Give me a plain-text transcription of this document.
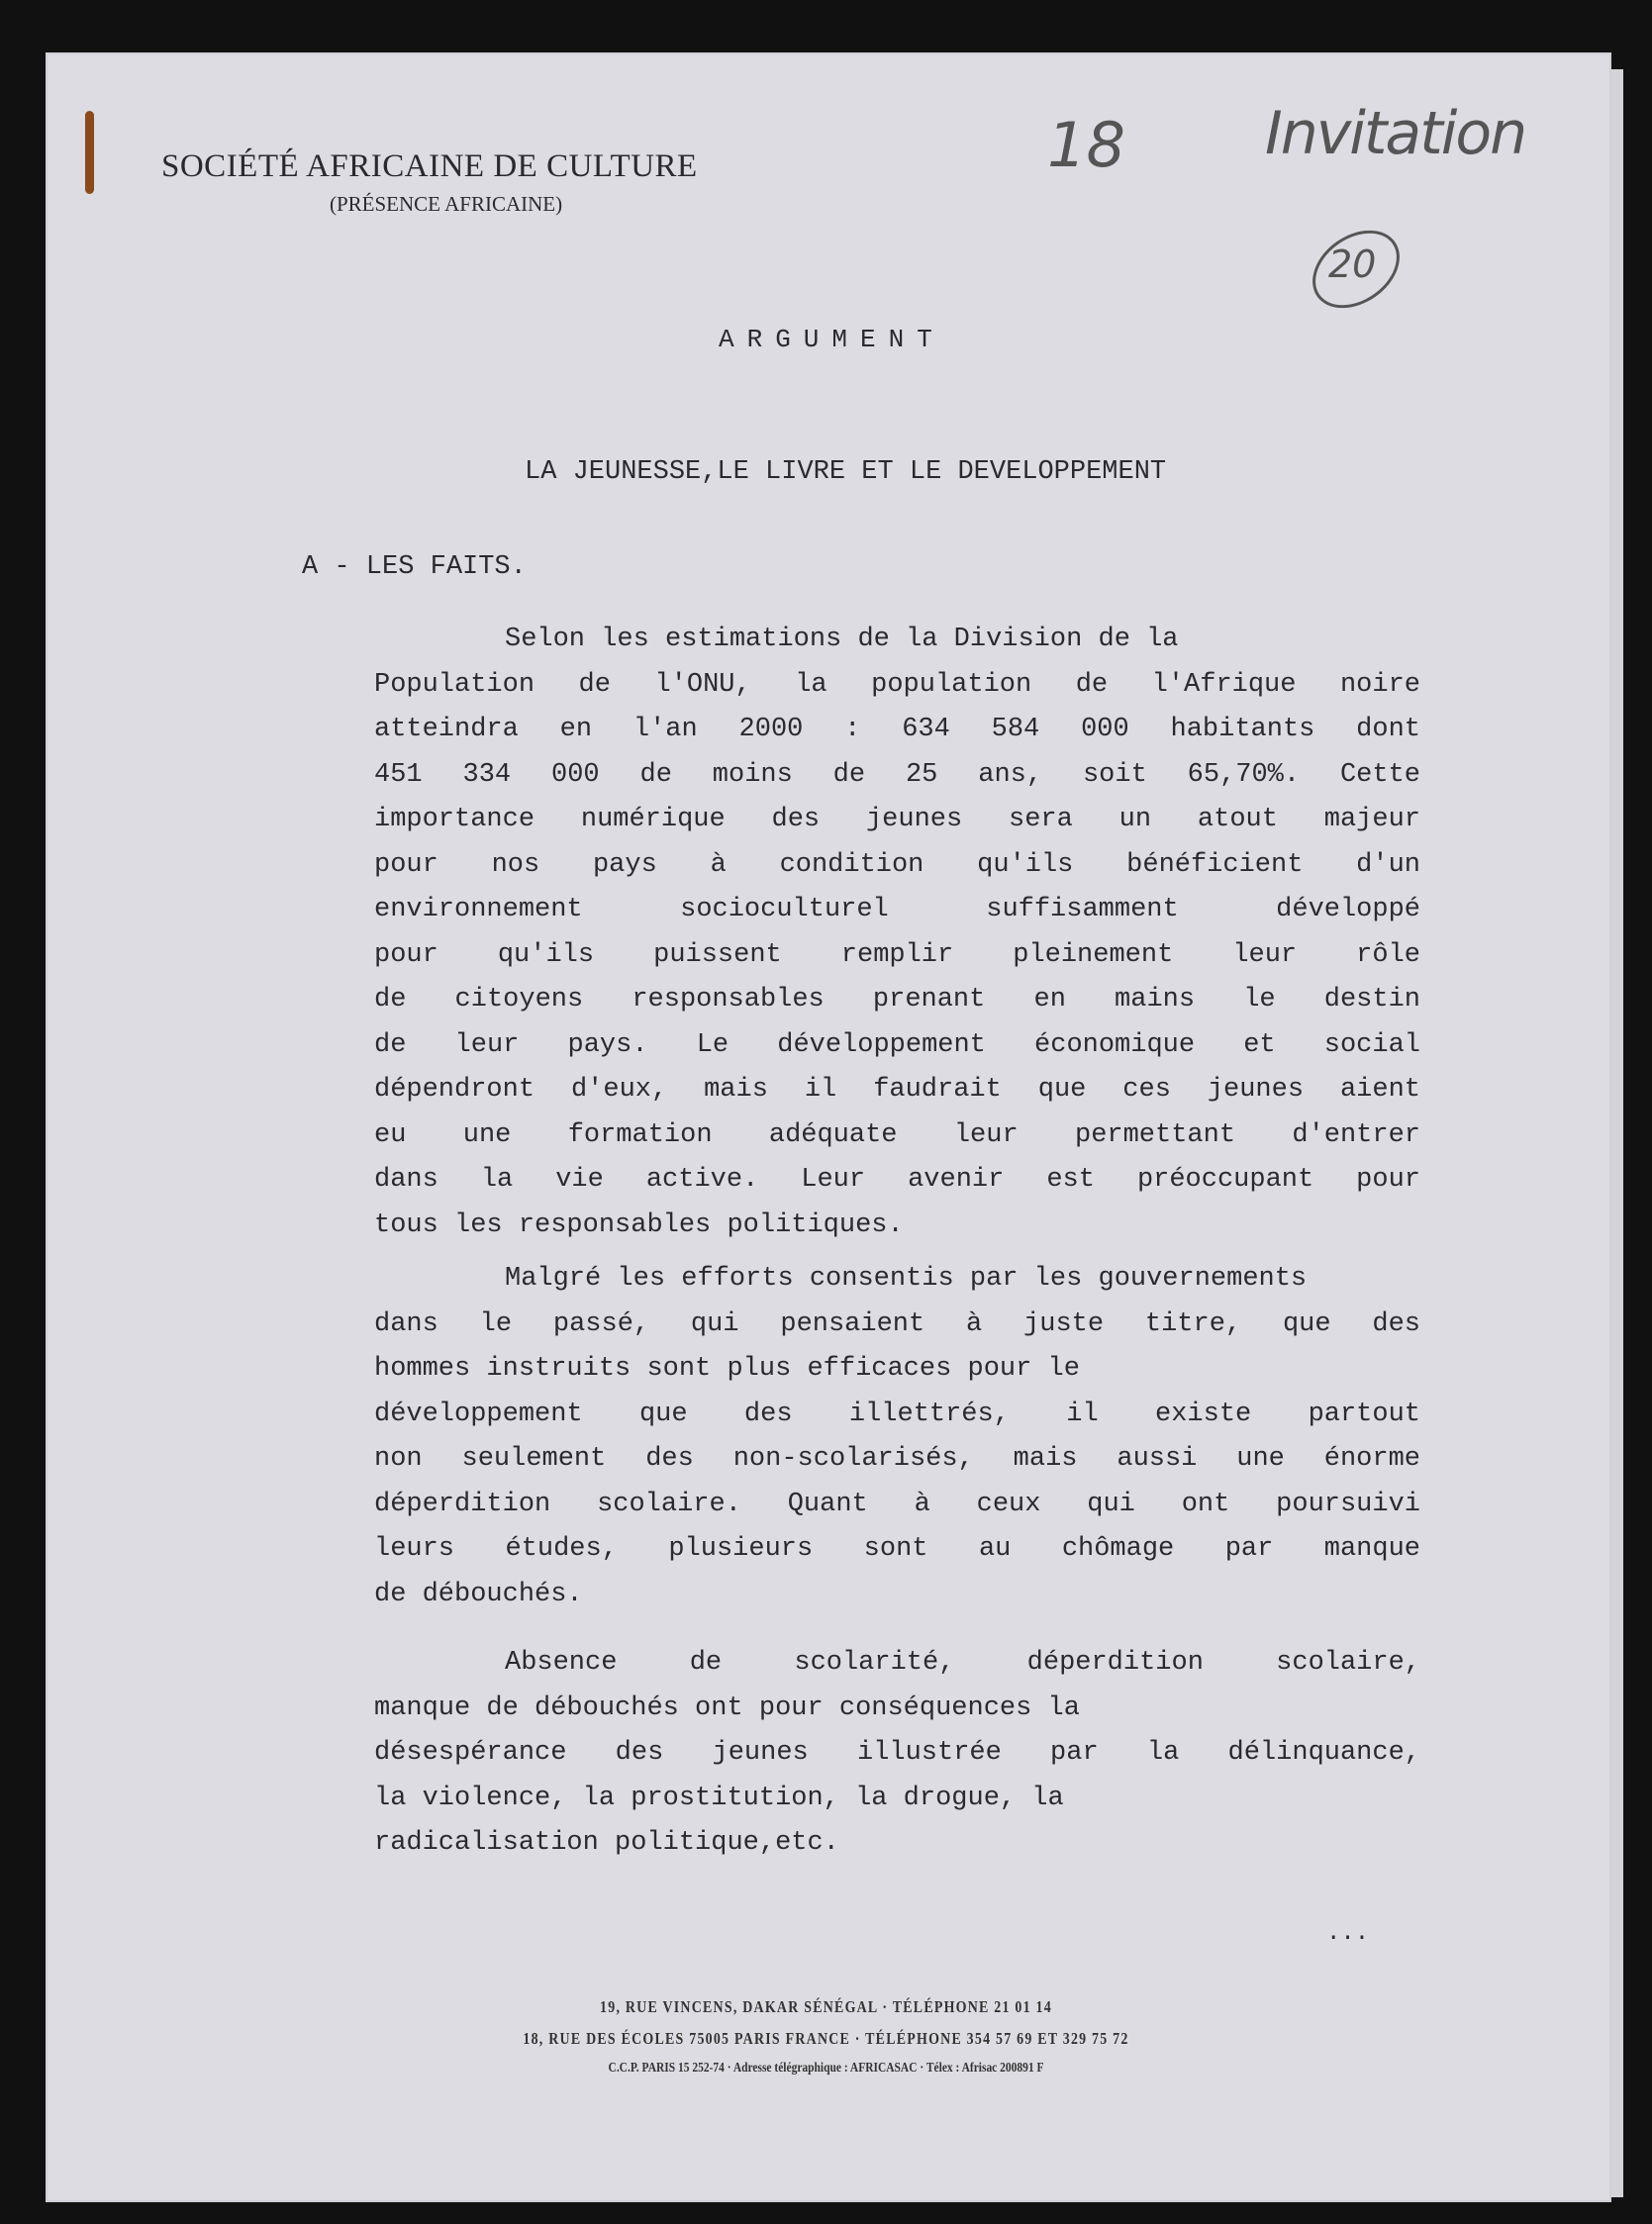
SOCIÉTÉ AFRICAINE DE CULTURE
(PRÉSENCE AFRICAINE)
18 Invitation
20
ARGUMENT
LA JEUNESSE,LE LIVRE ET LE DEVELOPPEMENT
A - LES FAITS.
Selon les estimations de la Division de la
Population de l'ONU, la population de l'Afrique noire
atteindra en l'an 2000 : 634 584 000 habitants dont
451 334 000 de moins de 25 ans, soit 65,70%. Cette
importance numérique des jeunes sera un atout majeur
pour nos pays à condition qu'ils bénéficient d'un
environnement socioculturel suffisamment développé
pour qu'ils puissent remplir pleinement leur rôle
de citoyens responsables prenant en mains le destin
de leur pays. Le développement économique et social
dépendront d'eux, mais il faudrait que ces jeunes aient
eu une formation adéquate leur permettant d'entrer
dans la vie active. Leur avenir est préoccupant pour
tous les responsables politiques.
Malgré les efforts consentis par les gouvernements
dans le passé, qui pensaient à juste titre, que des
hommes instruits sont plus efficaces pour le
développement que des illettrés, il existe partout
non seulement des non-scolarisés, mais aussi une énorme
déperdition scolaire. Quant à ceux qui ont poursuivi
leurs études, plusieurs sont au chômage par manque
de débouchés.
Absence de scolarité, déperdition scolaire,
manque de débouchés ont pour conséquences la
désespérance des jeunes illustrée par la délinquance,
la violence, la prostitution, la drogue, la
radicalisation politique,etc.
...
19, RUE VINCENS, DAKAR SÉNÉGAL · TÉLÉPHONE 21 01 14
18, RUE DES ÉCOLES 75005 PARIS FRANCE · TÉLÉPHONE 354 57 69 ET 329 75 72
C.C.P. PARIS 15 252-74 · Adresse télégraphique : AFRICASAC · Télex : Afrisac 200891 F
